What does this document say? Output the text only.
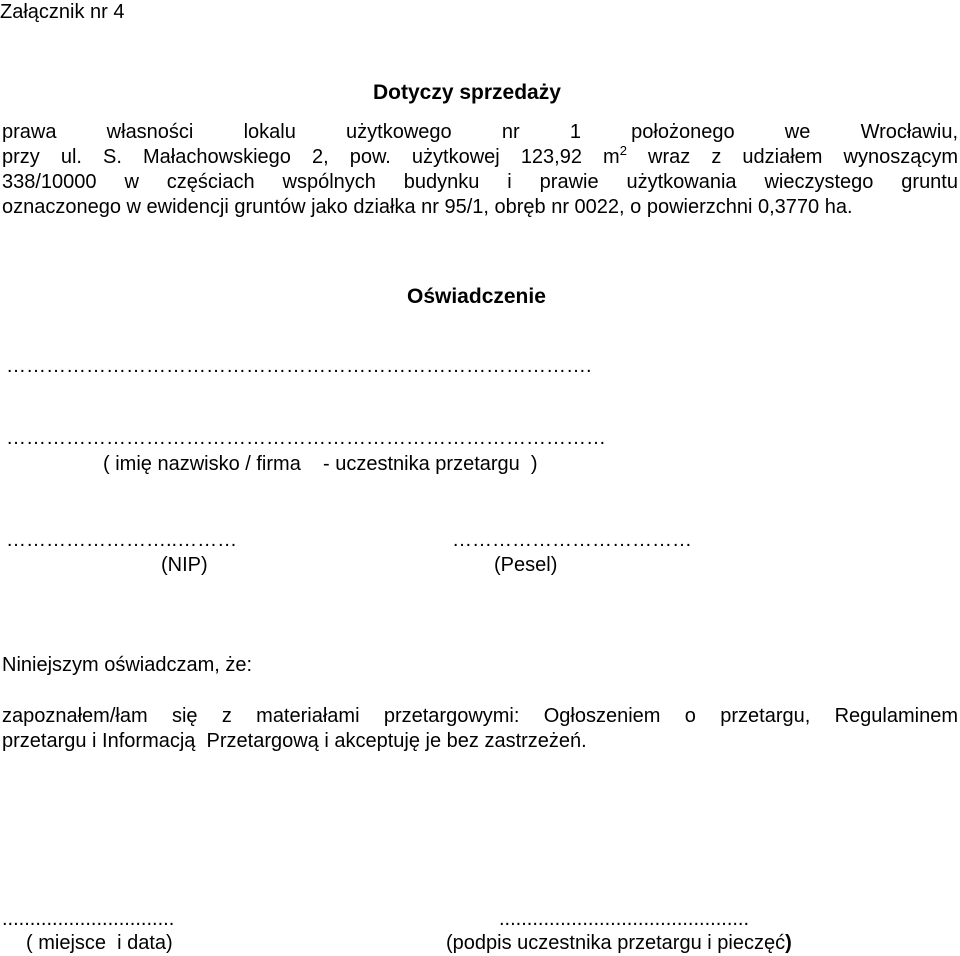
Załącznik nr 4
Dotyczy sprzedaży
prawa własności lokalu użytkowego nr 1 położonego we Wrocławiu,
przy ul. S. Małachowskiego 2, pow. użytkowej 123,92 $m^2$ wraz z udziałem wynoszącym
338/10000 w częściach wspólnych budynku i prawie użytkowania wieczystego gruntu
oznaczonego w ewidencji gruntów jako działka nr 95/1, obręb nr 0022, o powierzchni 0,3770 ha.
Oświadczenie
…………………………………………………………………………….
………………………………………………………………………………
( imię nazwisko / firma    - uczestnika przetargu  )
……………………..………	………………………………
(NIP)	(Pesel)
Niniejszym oświadczam, że:
zapoznałem/łam się z materiałami przetargowymi: Ogłoszeniem o przetargu, Regulaminem
przetargu i Informacją  Przetargową i akceptuję je bez zastrzeżeń.
...............................	.............................................
( miejsce  i data)	(podpis uczestnika przetargu i pieczęć)
